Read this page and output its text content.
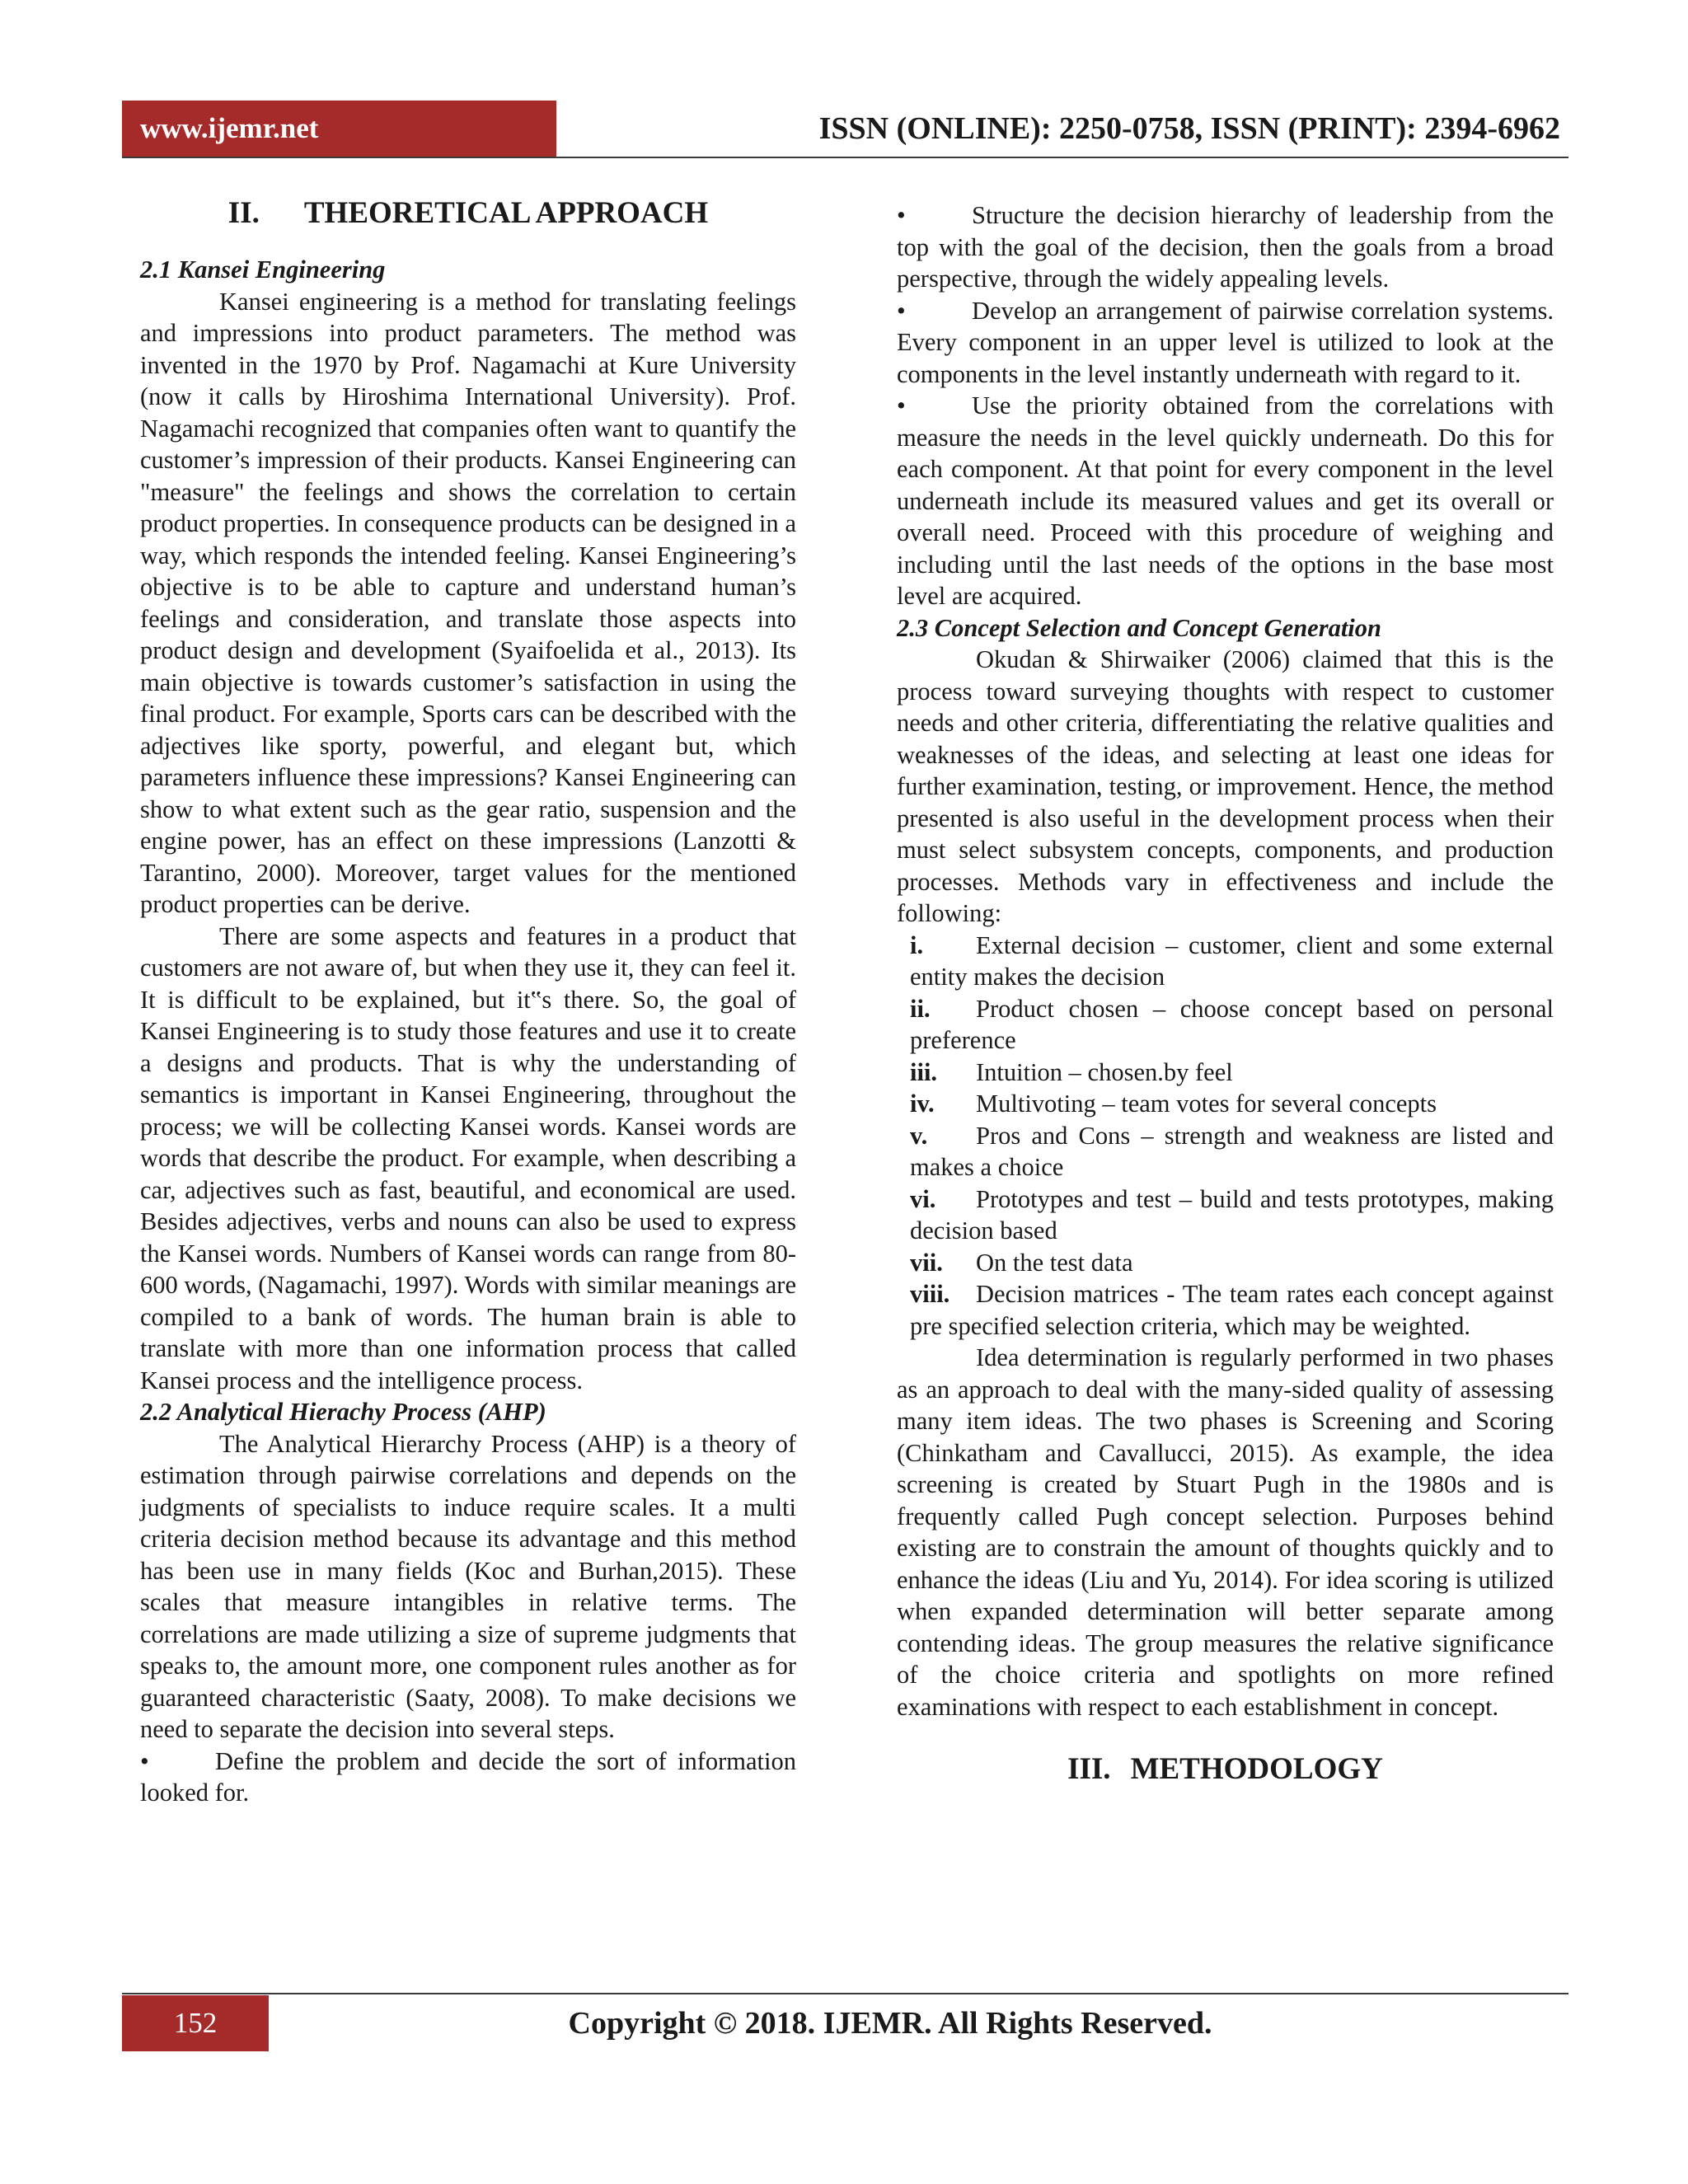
www.ijemr.net	ISSN (ONLINE): 2250-0758, ISSN (PRINT): 2394-6962
II. THEORETICAL APPROACH

2.1 Kansei Engineering

Kansei engineering is a method for translating feelings and impressions into product parameters. The method was invented in the 1970 by Prof. Nagamachi at Kure University (now it calls by Hiroshima International University). Prof. Nagamachi recognized that companies often want to quantify the customer’s impression of their products. Kansei Engineering can "measure" the feelings and shows the correlation to certain product properties. In consequence products can be designed in a way, which responds the intended feeling. Kansei Engineering’s objective is to be able to capture and understand human’s feelings and consideration, and translate those aspects into product design and development (Syaifoelida et al., 2013). Its main objective is towards customer’s satisfaction in using the final product. For example, Sports cars can be described with the adjectives like sporty, powerful, and elegant but, which parameters influence these impressions? Kansei Engineering can show to what extent such as the gear ratio, suspension and the engine power, has an effect on these impressions (Lanzotti & Tarantino, 2000). Moreover, target values for the mentioned product properties can be derive.

There are some aspects and features in a product that customers are not aware of, but when they use it, they can feel it. It is difficult to be explained, but it‟s there. So, the goal of Kansei Engineering is to study those features and use it to create a designs and products. That is why the understanding of semantics is important in Kansei Engineering, throughout the process; we will be collecting Kansei words. Kansei words are words that describe the product. For example, when describing a car, adjectives such as fast, beautiful, and economical are used. Besides adjectives, verbs and nouns can also be used to express the Kansei words. Numbers of Kansei words can range from 80-600 words, (Nagamachi, 1997). Words with similar meanings are compiled to a bank of words. The human brain is able to translate with more than one information process that called Kansei process and the intelligence process.

2.2 Analytical Hierachy Process (AHP)

The Analytical Hierarchy Process (AHP) is a theory of estimation through pairwise correlations and depends on the judgments of specialists to induce require scales. It a multi criteria decision method because its advantage and this method has been use in many fields (Koc and Burhan,2015). These scales that measure intangibles in relative terms. The correlations are made utilizing a size of supreme judgments that speaks to, the amount more, one component rules another as for guaranteed characteristic (Saaty, 2008). To make decisions we need to separate the decision into several steps.

•	Define the problem and decide the sort of information looked for.

•	Structure the decision hierarchy of leadership from the top with the goal of the decision, then the goals from a broad perspective, through the widely appealing levels.

•	Develop an arrangement of pairwise correlation systems. Every component in an upper level is utilized to look at the components in the level instantly underneath with regard to it.

•	Use the priority obtained from the correlations with measure the needs in the level quickly underneath. Do this for each component. At that point for every component in the level underneath include its measured values and get its overall or overall need. Proceed with this procedure of weighing and including until the last needs of the options in the base most level are acquired.

2.3 Concept Selection and Concept Generation

Okudan & Shirwaiker (2006) claimed that this is the process toward surveying thoughts with respect to customer needs and other criteria, differentiating the relative qualities and weaknesses of the ideas, and selecting at least one ideas for further examination, testing, or improvement. Hence, the method presented is also useful in the development process when their must select subsystem concepts, components, and production processes. Methods vary in effectiveness and include the following:

i. External decision – customer, client and some external entity makes the decision

ii. Product chosen – choose concept based on personal preference

iii. Intuition – chosen.by feel

iv. Multivoting – team votes for several concepts

v. Pros and Cons – strength and weakness are listed and makes a choice

vi. Prototypes and test – build and tests prototypes, making decision based

vii. On the test data

viii. Decision matrices - The team rates each concept against pre specified selection criteria, which may be weighted.

Idea determination is regularly performed in two phases as an approach to deal with the many-sided quality of assessing many item ideas. The two phases is Screening and Scoring (Chinkatham and Cavallucci, 2015). As example, the idea screening is created by Stuart Pugh in the 1980s and is frequently called Pugh concept selection. Purposes behind existing are to constrain the amount of thoughts quickly and to enhance the ideas (Liu and Yu, 2014). For idea scoring is utilized when expanded determination will better separate among contending ideas. The group measures the relative significance of the choice criteria and spotlights on more refined examinations with respect to each establishment in concept.

III. METHODOLOGY
152	Copyright © 2018. IJEMR. All Rights Reserved.
